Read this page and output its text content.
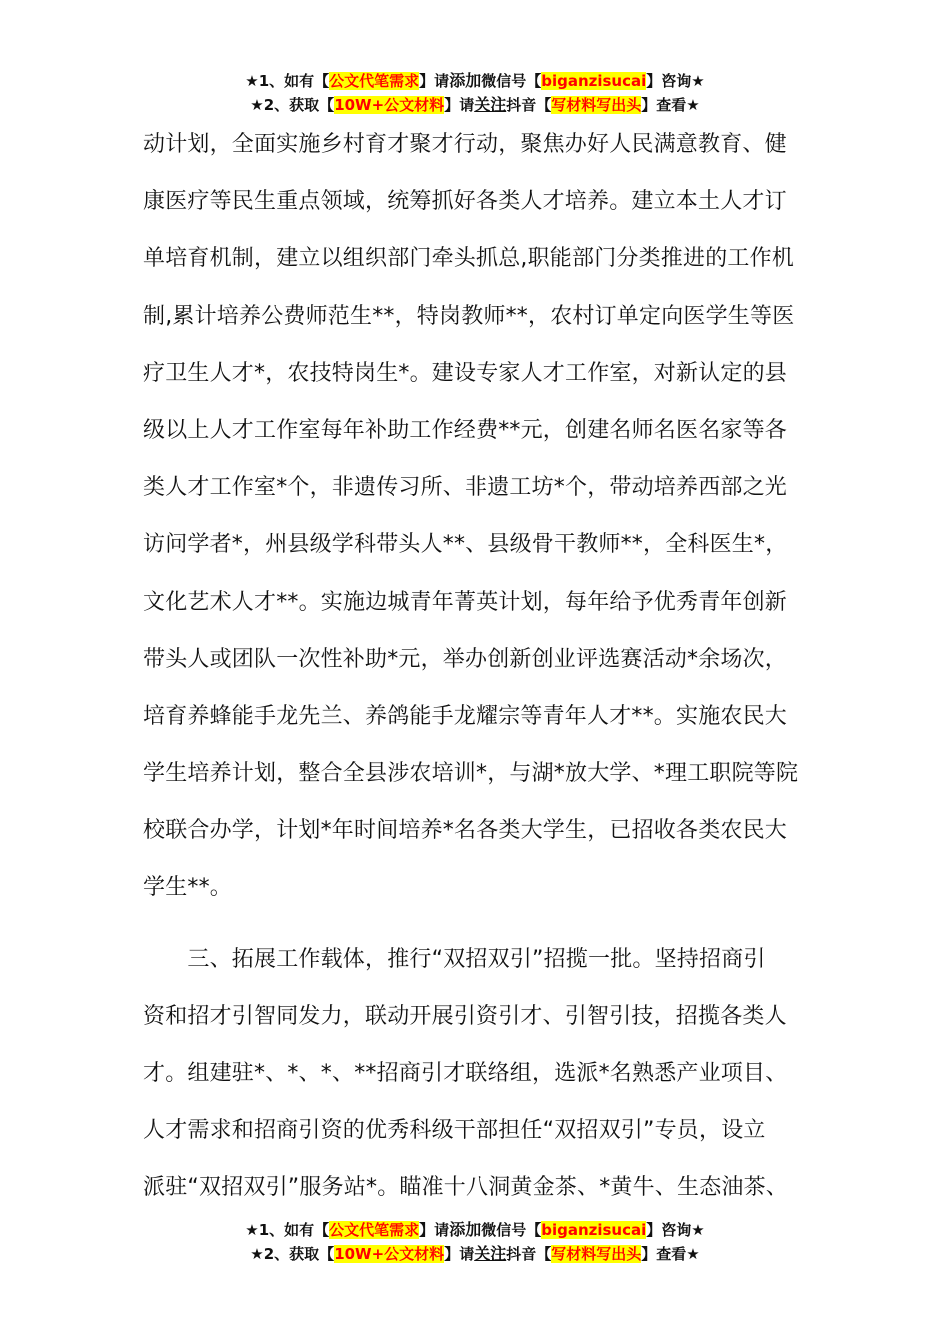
★1、如有【公文代笔需求】请添加微信号【biganzisucai】咨询★
★2、获取【10W+公文材料】请关注抖音【写材料写出头】查看★
动计划，全面实施乡村育才聚才行动，聚焦办好人民满意教育、健
康医疗等民生重点领域，统筹抓好各类人才培养。建立本土人才订
单培育机制，建立以组织部门牵头抓总,职能部门分类推进的工作机
制,累计培养公费师范生**，特岗教师**，农村订单定向医学生等医
疗卫生人才*，农技特岗生*。建设专家人才工作室，对新认定的县
级以上人才工作室每年补助工作经费**元，创建名师名医名家等各
类人才工作室*个，非遗传习所、非遗工坊*个，带动培养西部之光
访问学者*，州县级学科带头人**、县级骨干教师**，全科医生*，
文化艺术人才**。实施边城青年菁英计划，每年给予优秀青年创新
带头人或团队一次性补助*元，举办创新创业评选赛活动*余场次，
培育养蜂能手龙先兰、养鸽能手龙耀宗等青年人才**。实施农民大
学生培养计划，整合全县涉农培训*，与湖*放大学、*理工职院等院
校联合办学，计划*年时间培养*名各类大学生，已招收各类农民大
学生**。
　　三、拓展工作载体，推行“双招双引”招揽一批。坚持招商引
资和招才引智同发力，联动开展引资引才、引智引技，招揽各类人
才。组建驻*、*、*、**招商引才联络组，选派*名熟悉产业项目、
人才需求和招商引资的优秀科级干部担任“双招双引”专员，设立
派驻“双招双引”服务站*。瞄准十八洞黄金茶、*黄牛、生态油茶、
★1、如有【公文代笔需求】请添加微信号【biganzisucai】咨询★
★2、获取【10W+公文材料】请关注抖音【写材料写出头】查看★
